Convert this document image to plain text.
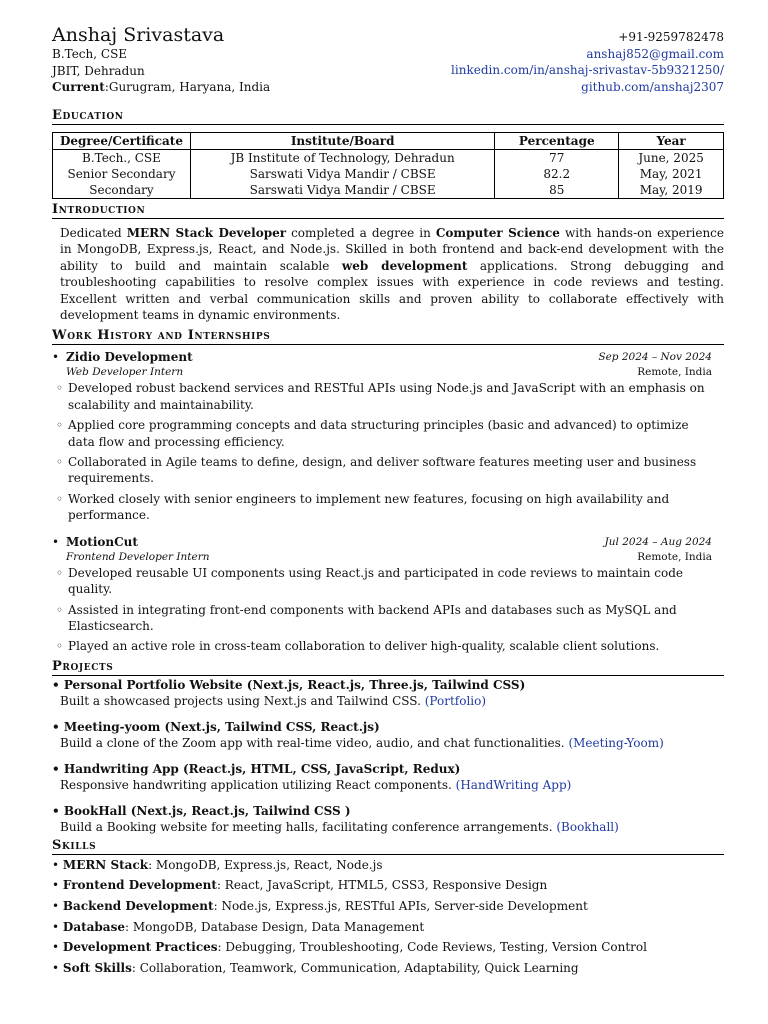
Anshaj Srivastava
B.Tech, CSE
JBIT, Dehradun
Current:Gurugram, Haryana, India
+91-9259782478
anshaj852@gmail.com
linkedin.com/in/anshaj-srivastav-5b9321250/
github.com/anshaj2307
Education
Degree/Certificate	Institute/Board	Percentage	Year
B.Tech., CSE	JB Institute of Technology, Dehradun	77	June, 2025
Senior Secondary	Sarswati Vidya Mandir / CBSE	82.2	May, 2021
Secondary	Sarswati Vidya Mandir / CBSE	85	May, 2019
Introduction
Dedicated MERN Stack Developer completed a degree in Computer Science with hands-on experience in MongoDB, Express.js, React, and Node.js. Skilled in both frontend and back-end development with the ability to build and maintain scalable web development applications. Strong debugging and troubleshooting capabilities to resolve complex issues with experience in code reviews and testing. Excellent written and verbal communication skills and proven ability to collaborate effectively with development teams in dynamic environments.
Work History and Internships
• Zidio Development	Sep 2024 – Nov 2024
Web Developer Intern	Remote, India
◦ Developed robust backend services and RESTful APIs using Node.js and JavaScript with an emphasis on scalability and maintainability.
◦ Applied core programming concepts and data structuring principles (basic and advanced) to optimize data flow and processing efficiency.
◦ Collaborated in Agile teams to define, design, and deliver software features meeting user and business requirements.
◦ Worked closely with senior engineers to implement new features, focusing on high availability and performance.
• MotionCut	Jul 2024 – Aug 2024
Frontend Developer Intern	Remote, India
◦ Developed reusable UI components using React.js and participated in code reviews to maintain code quality.
◦ Assisted in integrating front-end components with backend APIs and databases such as MySQL and Elasticsearch.
◦ Played an active role in cross-team collaboration to deliver high-quality, scalable client solutions.
Projects
• Personal Portfolio Website (Next.js, React.js, Three.js, Tailwind CSS)
Built a showcased projects using Next.js and Tailwind CSS. (Portfolio)
• Meeting-yoom (Next.js, Tailwind CSS, React.js)
Build a clone of the Zoom app with real-time video, audio, and chat functionalities. (Meeting-Yoom)
• Handwriting App (React.js, HTML, CSS, JavaScript, Redux)
Responsive handwriting application utilizing React components. (HandWriting App)
• BookHall (Next.js, React.js, Tailwind CSS )
Build a Booking website for meeting halls, facilitating conference arrangements. (Bookhall)
Skills
• MERN Stack: MongoDB, Express.js, React, Node.js
• Frontend Development: React, JavaScript, HTML5, CSS3, Responsive Design
• Backend Development: Node.js, Express.js, RESTful APIs, Server-side Development
• Database: MongoDB, Database Design, Data Management
• Development Practices: Debugging, Troubleshooting, Code Reviews, Testing, Version Control
• Soft Skills: Collaboration, Teamwork, Communication, Adaptability, Quick Learning
